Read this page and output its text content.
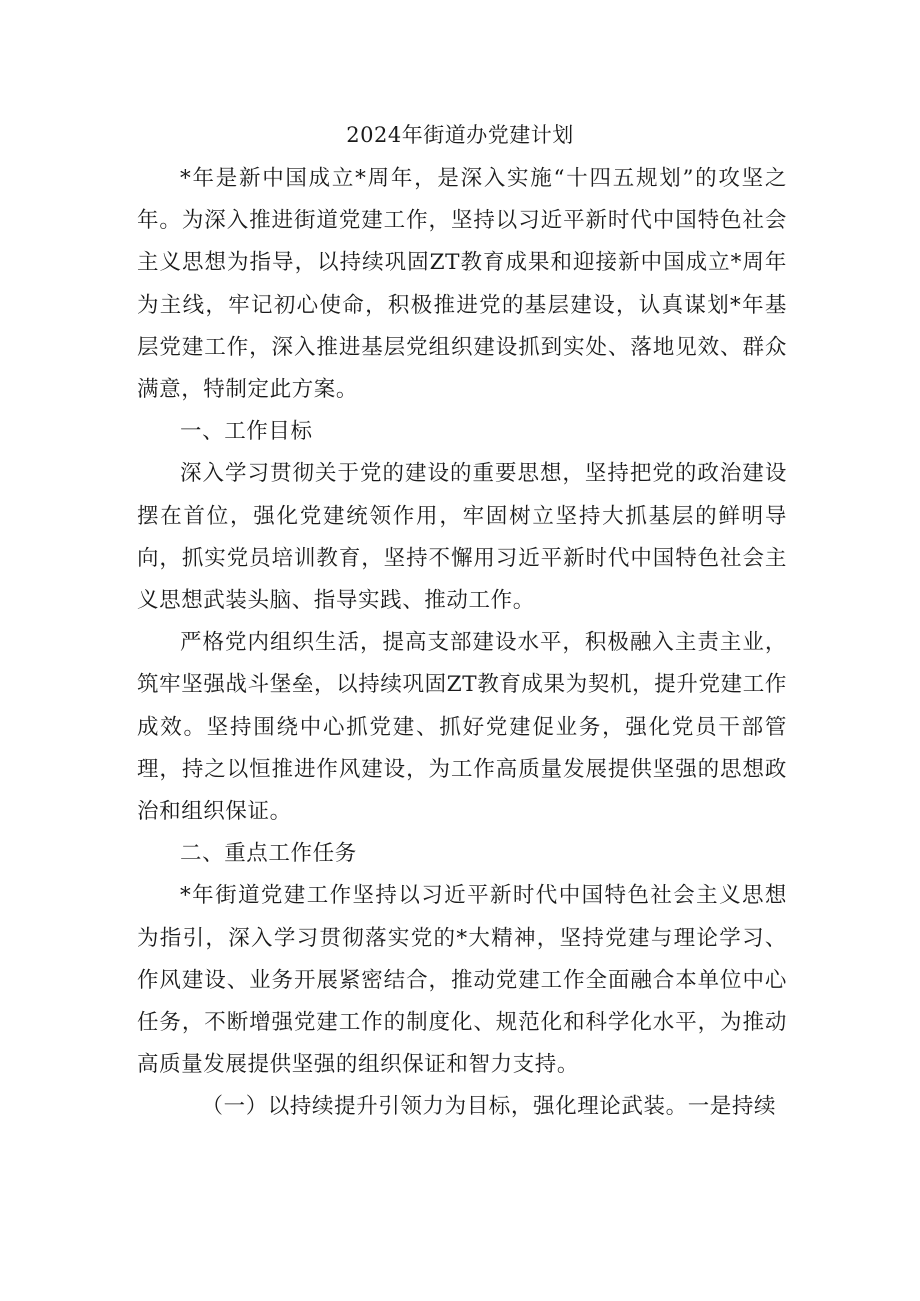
2024年街道办党建计划

*年是新中国成立*周年，是深入实施“十四五规划”的攻坚之年。为深入推进街道党建工作，坚持以习近平新时代中国特色社会主义思想为指导，以持续巩固ZT教育成果和迎接新中国成立*周年为主线，牢记初心使命，积极推进党的基层建设，认真谋划*年基层党建工作，深入推进基层党组织建设抓到实处、落地见效、群众满意，特制定此方案。

一、工作目标

深入学习贯彻关于党的建设的重要思想，坚持把党的政治建设摆在首位，强化党建统领作用，牢固树立坚持大抓基层的鲜明导向，抓实党员培训教育，坚持不懈用习近平新时代中国特色社会主义思想武装头脑、指导实践、推动工作。

严格党内组织生活，提高支部建设水平，积极融入主责主业，筑牢坚强战斗堡垒，以持续巩固ZT教育成果为契机，提升党建工作成效。坚持围绕中心抓党建、抓好党建促业务，强化党员干部管理，持之以恒推进作风建设，为工作高质量发展提供坚强的思想政治和组织保证。

二、重点工作任务

*年街道党建工作坚持以习近平新时代中国特色社会主义思想为指引，深入学习贯彻落实党的*大精神，坚持党建与理论学习、作风建设、业务开展紧密结合，推动党建工作全面融合本单位中心任务，不断增强党建工作的制度化、规范化和科学化水平，为推动高质量发展提供坚强的组织保证和智力支持。

（一）以持续提升引领力为目标，强化理论武装。一是持续
